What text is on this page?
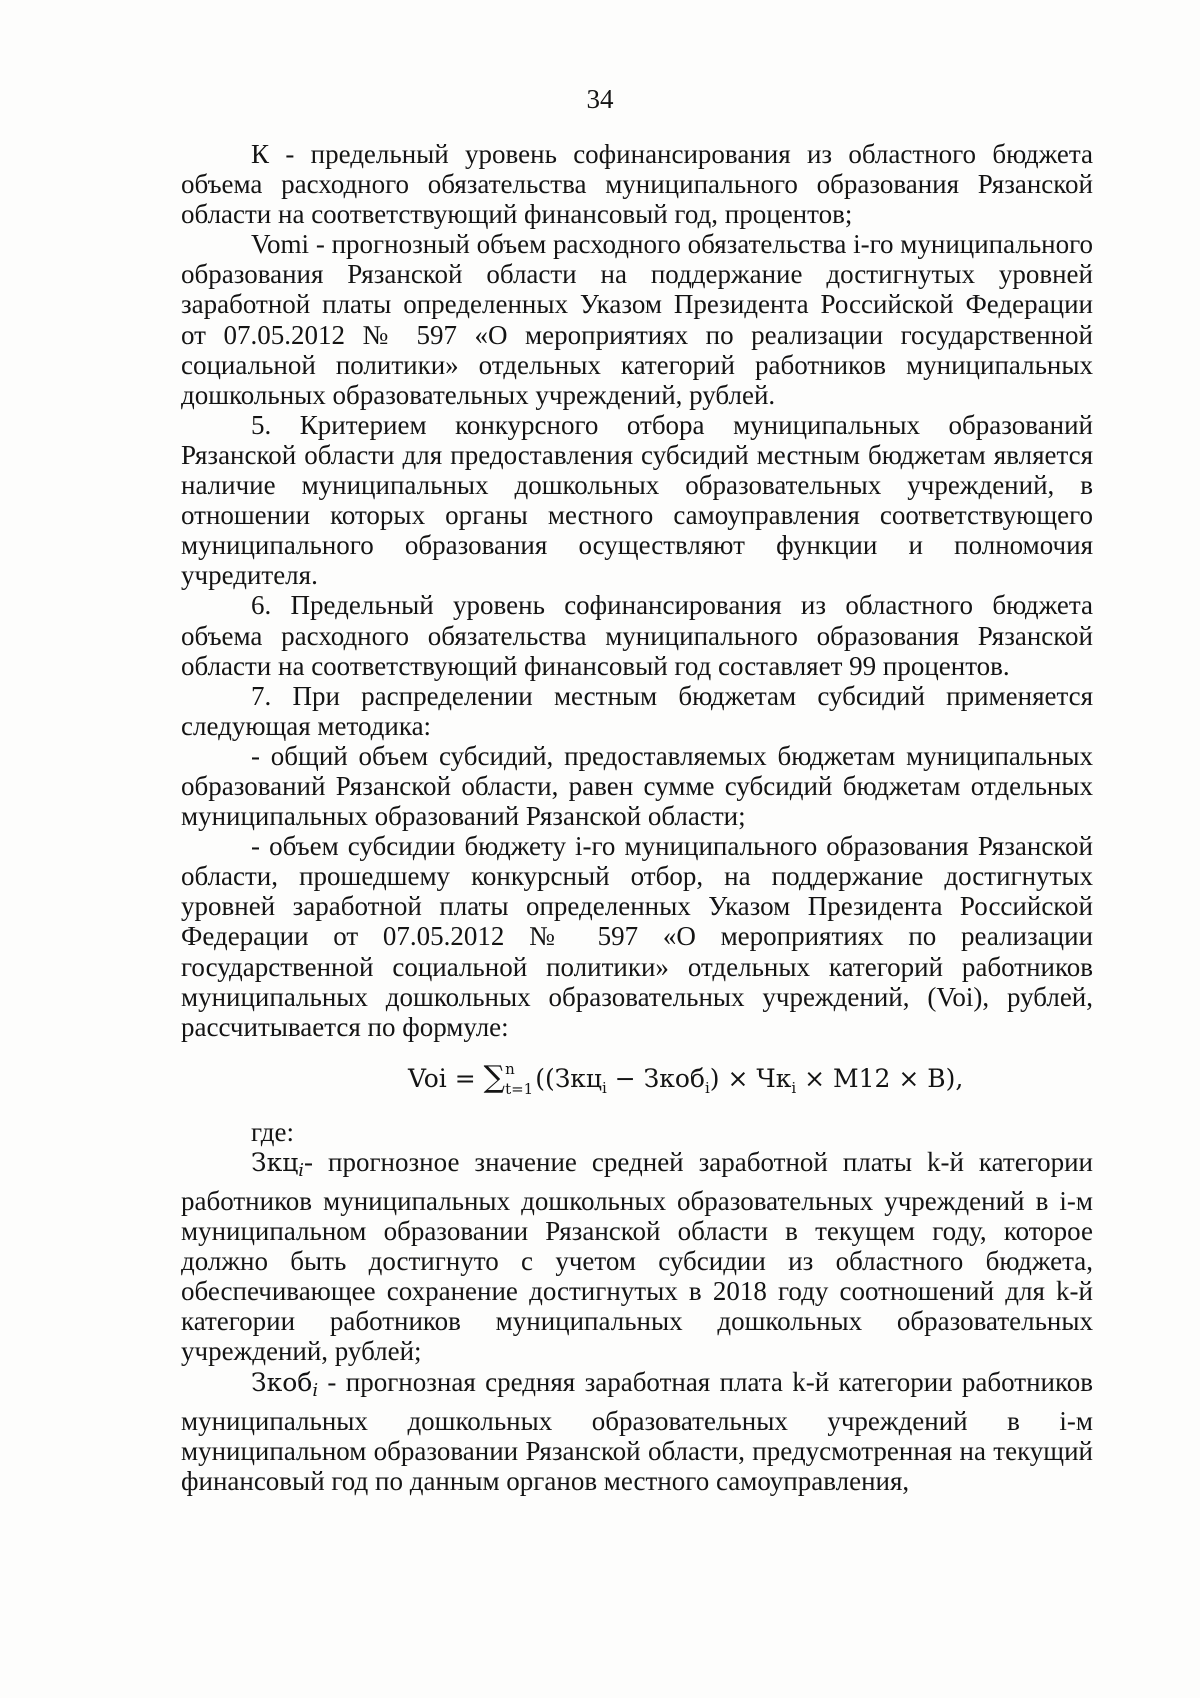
34

К - предельный уровень софинансирования из областного бюджета объема расходного обязательства муниципального образования Рязанской области на соответствующий финансовый год, процентов;

Vomi - прогнозный объем расходного обязательства i-го муниципального образования Рязанской области на поддержание достигнутых уровней заработной платы определенных Указом Президента Российской Федерации от 07.05.2012 № 597 «О мероприятиях по реализации государственной социальной политики» отдельных категорий работников муниципальных дошкольных образовательных учреждений, рублей.

5. Критерием конкурсного отбора муниципальных образований Рязанской области для предоставления субсидий местным бюджетам является наличие муниципальных дошкольных образовательных учреждений, в отношении которых органы местного самоуправления соответствующего муниципального образования осуществляют функции и полномочия учредителя.

6. Предельный уровень софинансирования из областного бюджета объема расходного обязательства муниципального образования Рязанской области на соответствующий финансовый год составляет 99 процентов.

7. При распределении местным бюджетам субсидий применяется следующая методика:

- общий объем субсидий, предоставляемых бюджетам муниципальных образований Рязанской области, равен сумме субсидий бюджетам отдельных муниципальных образований Рязанской области;

- объем субсидии бюджету i-го муниципального образования Рязанской области, прошедшему конкурсный отбор, на поддержание достигнутых уровней заработной платы определенных Указом Президента Российской Федерации от 07.05.2012 № 597 «О мероприятиях по реализации государственной социальной политики» отдельных категорий работников муниципальных дошкольных образовательных учреждений, (Voi), рублей, рассчитывается по формуле:

Voi = ∑ n
t=1 ((Зкц$_i$ − Зкоб$_i$) × $Чк_i \times М12 \times В$),

где:

Зкцi- прогнозное значение средней заработной платы k-й категории работников муниципальных дошкольных образовательных учреждений в i-м муниципальном образовании Рязанской области в текущем году, которое должно быть достигнуто с учетом субсидии из областного бюджета, обеспечивающее сохранение достигнутых в 2018 году соотношений для k-й категории работников муниципальных дошкольных образовательных учреждений, рублей;

Зкобi - прогнозная средняя заработная плата k-й категории работников муниципальных дошкольных образовательных учреждений в i-м муниципальном образовании Рязанской области, предусмотренная на текущий финансовый год по данным органов местного самоуправления,
